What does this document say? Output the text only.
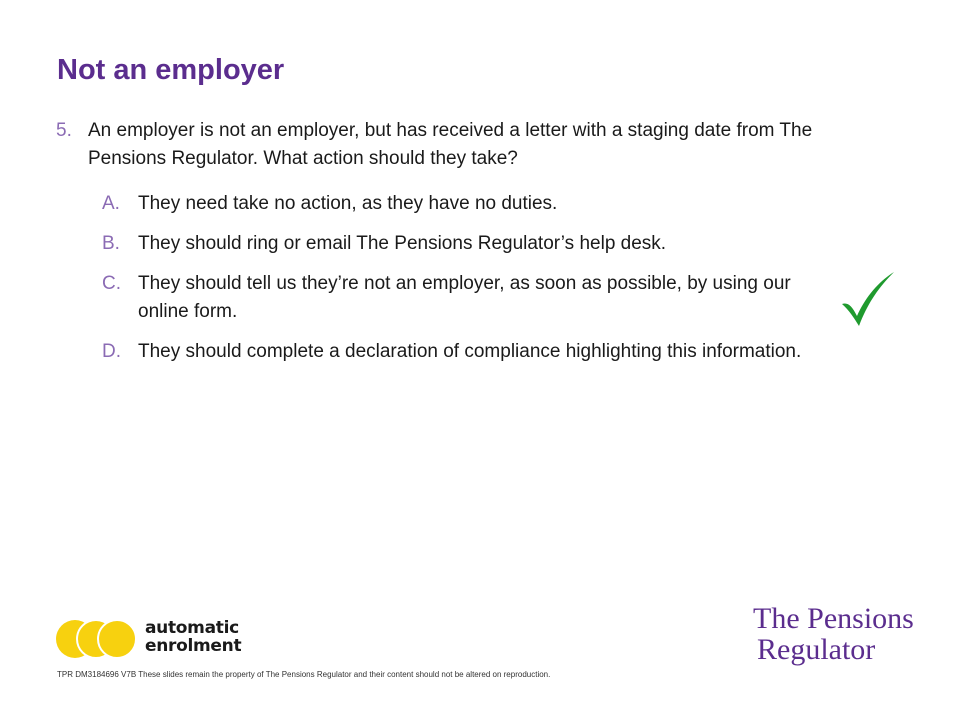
Not an employer
5. An employer is not an employer, but has received a letter with a staging date from The Pensions Regulator. What action should they take?
A. They need take no action, as they have no duties.
B. They should ring or email The Pensions Regulator’s help desk.
C. They should tell us they’re not an employer, as soon as possible, by using our online form.
D. They should complete a declaration of compliance highlighting this information.
automatic
enrolment
The Pensions
Regulator
TPR DM3184696 V7B These slides remain the property of The Pensions Regulator and their content should not be altered on reproduction.
